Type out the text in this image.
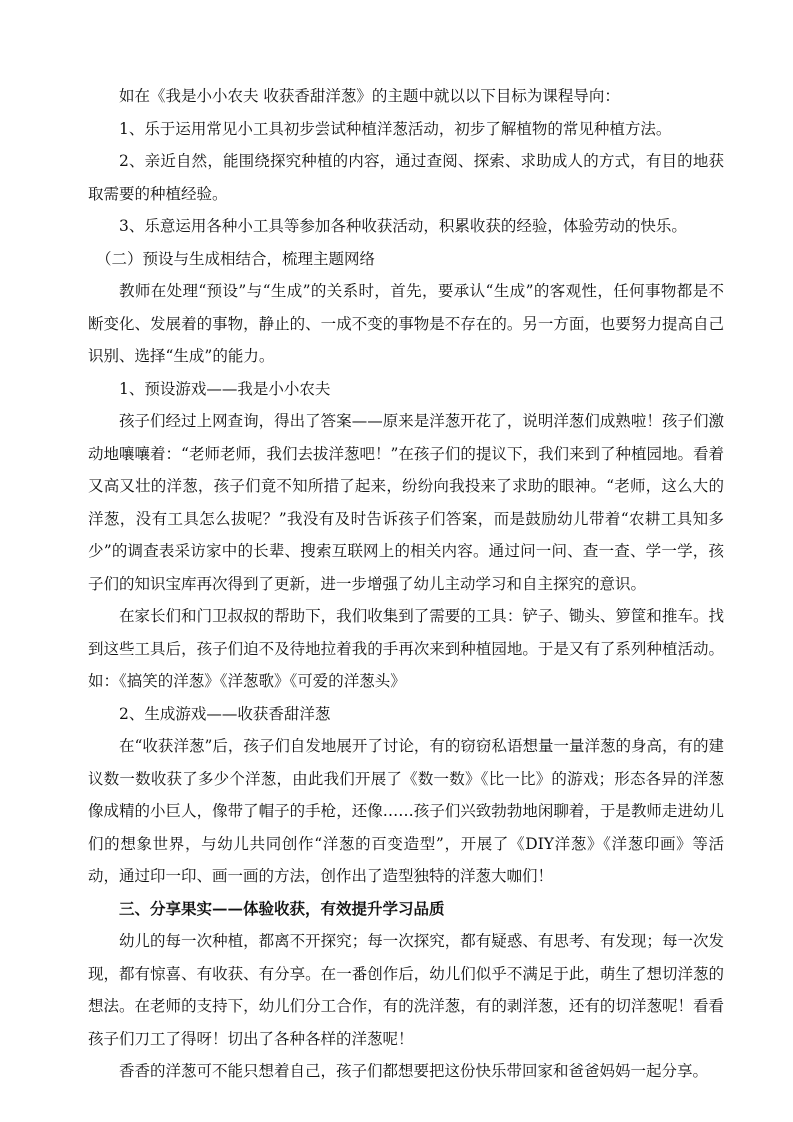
如在《我是小小农夫 收获香甜洋葱》的主题中就以以下目标为课程导向：

1、乐于运用常见小工具初步尝试种植洋葱活动，初步了解植物的常见种植方法。

2、亲近自然，能围绕探究种植的内容，通过查阅、探索、求助成人的方式，有目的地获取需要的种植经验。

3、乐意运用各种小工具等参加各种收获活动，积累收获的经验，体验劳动的快乐。

（二）预设与生成相结合，梳理主题网络

教师在处理“预设”与“生成”的关系时，首先，要承认“生成”的客观性，任何事物都是不断变化、发展着的事物，静止的、一成不变的事物是不存在的。另一方面，也要努力提高自己识别、选择“生成”的能力。

1、预设游戏——我是小小农夫

孩子们经过上网查询，得出了答案——原来是洋葱开花了，说明洋葱们成熟啦！孩子们激动地嚷嚷着：“老师老师，我们去拔洋葱吧！”在孩子们的提议下，我们来到了种植园地。看着又高又壮的洋葱，孩子们竟不知所措了起来，纷纷向我投来了求助的眼神。“老师，这么大的洋葱，没有工具怎么拔呢？”我没有及时告诉孩子们答案，而是鼓励幼儿带着“农耕工具知多少”的调查表采访家中的长辈、搜索互联网上的相关内容。通过问一问、查一查、学一学，孩子们的知识宝库再次得到了更新，进一步增强了幼儿主动学习和自主探究的意识。

在家长们和门卫叔叔的帮助下，我们收集到了需要的工具：铲子、锄头、箩筐和推车。找到这些工具后，孩子们迫不及待地拉着我的手再次来到种植园地。于是又有了系列种植活动。如：《搞笑的洋葱》《洋葱歌》《可爱的洋葱头》

2、生成游戏——收获香甜洋葱

在“收获洋葱”后，孩子们自发地展开了讨论，有的窃窃私语想量一量洋葱的身高，有的建议数一数收获了多少个洋葱，由此我们开展了《数一数》《比一比》的游戏；形态各异的洋葱像成精的小巨人，像带了帽子的手枪，还像……孩子们兴致勃勃地闲聊着，于是教师走进幼儿们的想象世界，与幼儿共同创作“洋葱的百变造型”，开展了《DIY洋葱》《洋葱印画》等活动，通过印一印、画一画的方法，创作出了造型独特的洋葱大咖们！

三、分享果实——体验收获，有效提升学习品质

幼儿的每一次种植，都离不开探究；每一次探究，都有疑惑、有思考、有发现；每一次发现，都有惊喜、有收获、有分享。在一番创作后，幼儿们似乎不满足于此，萌生了想切洋葱的想法。在老师的支持下，幼儿们分工合作，有的洗洋葱，有的剥洋葱，还有的切洋葱呢！看看孩子们刀工了得呀！切出了各种各样的洋葱呢！

香香的洋葱可不能只想着自己，孩子们都想要把这份快乐带回家和爸爸妈妈一起分享。
